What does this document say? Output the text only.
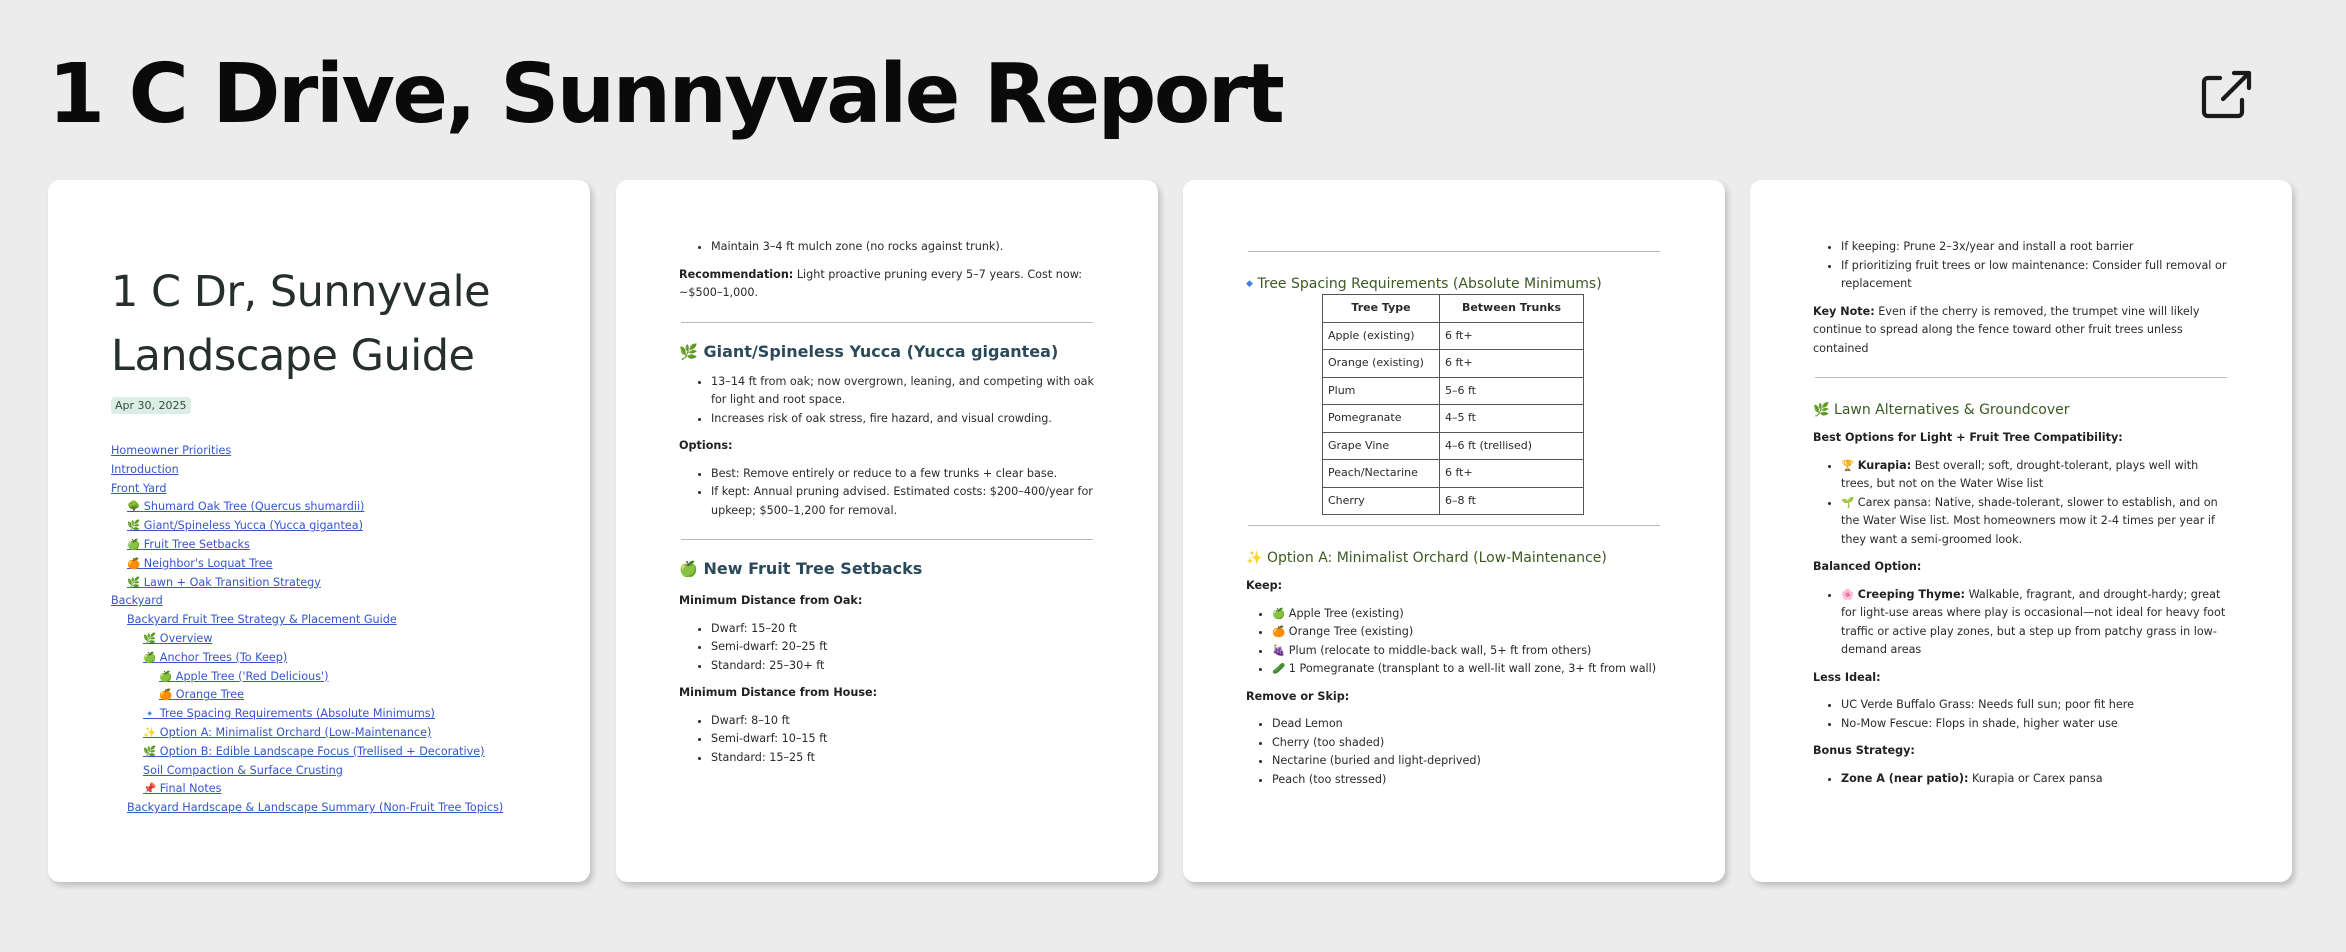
1 C Drive, Sunnyvale Report
1 C Dr, Sunnyvale
Landscape Guide
Apr 30, 2025
Homeowner Priorities
Introduction
Front Yard
🌳 Shumard Oak Tree (Quercus shumardii)
🌿 Giant/Spineless Yucca (Yucca gigantea)
🍏 Fruit Tree Setbacks
🍊 Neighbor's Loquat Tree
🌿 Lawn + Oak Transition Strategy
Backyard
Backyard Fruit Tree Strategy & Placement Guide
🌿 Overview
🍏 Anchor Trees (To Keep)
🍏 Apple Tree ('Red Delicious')
🍊 Orange Tree
🔹 Tree Spacing Requirements (Absolute Minimums)
✨ Option A: Minimalist Orchard (Low-Maintenance)
🌿 Option B: Edible Landscape Focus (Trellised + Decorative)
Soil Compaction & Surface Crusting
📌 Final Notes
Backyard Hardscape & Landscape Summary (Non-Fruit Tree Topics)
• Maintain 3–4 ft mulch zone (no rocks against trunk).

Recommendation: Light proactive pruning every 5–7 years. Cost now: ~$500–1,000.

🌿 Giant/Spineless Yucca (Yucca gigantea)
• 13–14 ft from oak; now overgrown, leaning, and competing with oak for light and root space.
• Increases risk of oak stress, fire hazard, and visual crowding.

Options:

• Best: Remove entirely or reduce to a few trunks + clear base.
• If kept: Annual pruning advised. Estimated costs: $200–400/year for upkeep; $500–1,200 for removal.
🍏 New Fruit Tree Setbacks

Minimum Distance from Oak:

• Dwarf: 15–20 ft
• Semi-dwarf: 20–25 ft
• Standard: 25–30+ ft

Minimum Distance from House:

• Dwarf: 8–10 ft
• Semi-dwarf: 10–15 ft
• Standard: 15–25 ft
◆ Tree Spacing Requirements (Absolute Minimums)
Tree Type	Between Trunks
Apple (existing)	6 ft+
Orange (existing)	6 ft+
Plum	5–6 ft
Pomegranate	4–5 ft
Grape Vine	4–6 ft (trellised)
Peach/Nectarine	6 ft+
Cherry	6–8 ft
✨ Option A: Minimalist Orchard (Low-Maintenance)

Keep:

• 🍏 Apple Tree (existing)
• 🍊 Orange Tree (existing)
• 🍇 Plum (relocate to middle-back wall, 5+ ft from others)
• 🥒 1 Pomegranate (transplant to a well-lit wall zone, 3+ ft from wall)

Remove or Skip:

• Dead Lemon
• Cherry (too shaded)
• Nectarine (buried and light-deprived)
• Peach (too stressed)
• If keeping: Prune 2–3x/year and install a root barrier
• If prioritizing fruit trees or low maintenance: Consider full removal or replacement

Key Note: Even if the cherry is removed, the trumpet vine will likely continue to spread along the fence toward other fruit trees unless contained

🌿 Lawn Alternatives & Groundcover

Best Options for Light + Fruit Tree Compatibility:

• 🏆 Kurapia: Best overall; soft, drought-tolerant, plays well with trees, but not on the Water Wise list
• 🌱 Carex pansa: Native, shade-tolerant, slower to establish, and on the Water Wise list. Most homeowners mow it 2-4 times per year if they want a semi-groomed look.

Balanced Option:

• 🌸 Creeping Thyme: Walkable, fragrant, and drought-hardy; great for light-use areas where play is occasional—not ideal for heavy foot traffic or active play zones, but a step up from patchy grass in low-demand areas

Less Ideal:

• UC Verde Buffalo Grass: Needs full sun; poor fit here
• No-Mow Fescue: Flops in shade, higher water use

Bonus Strategy:

• Zone A (near patio): Kurapia or Carex pansa
